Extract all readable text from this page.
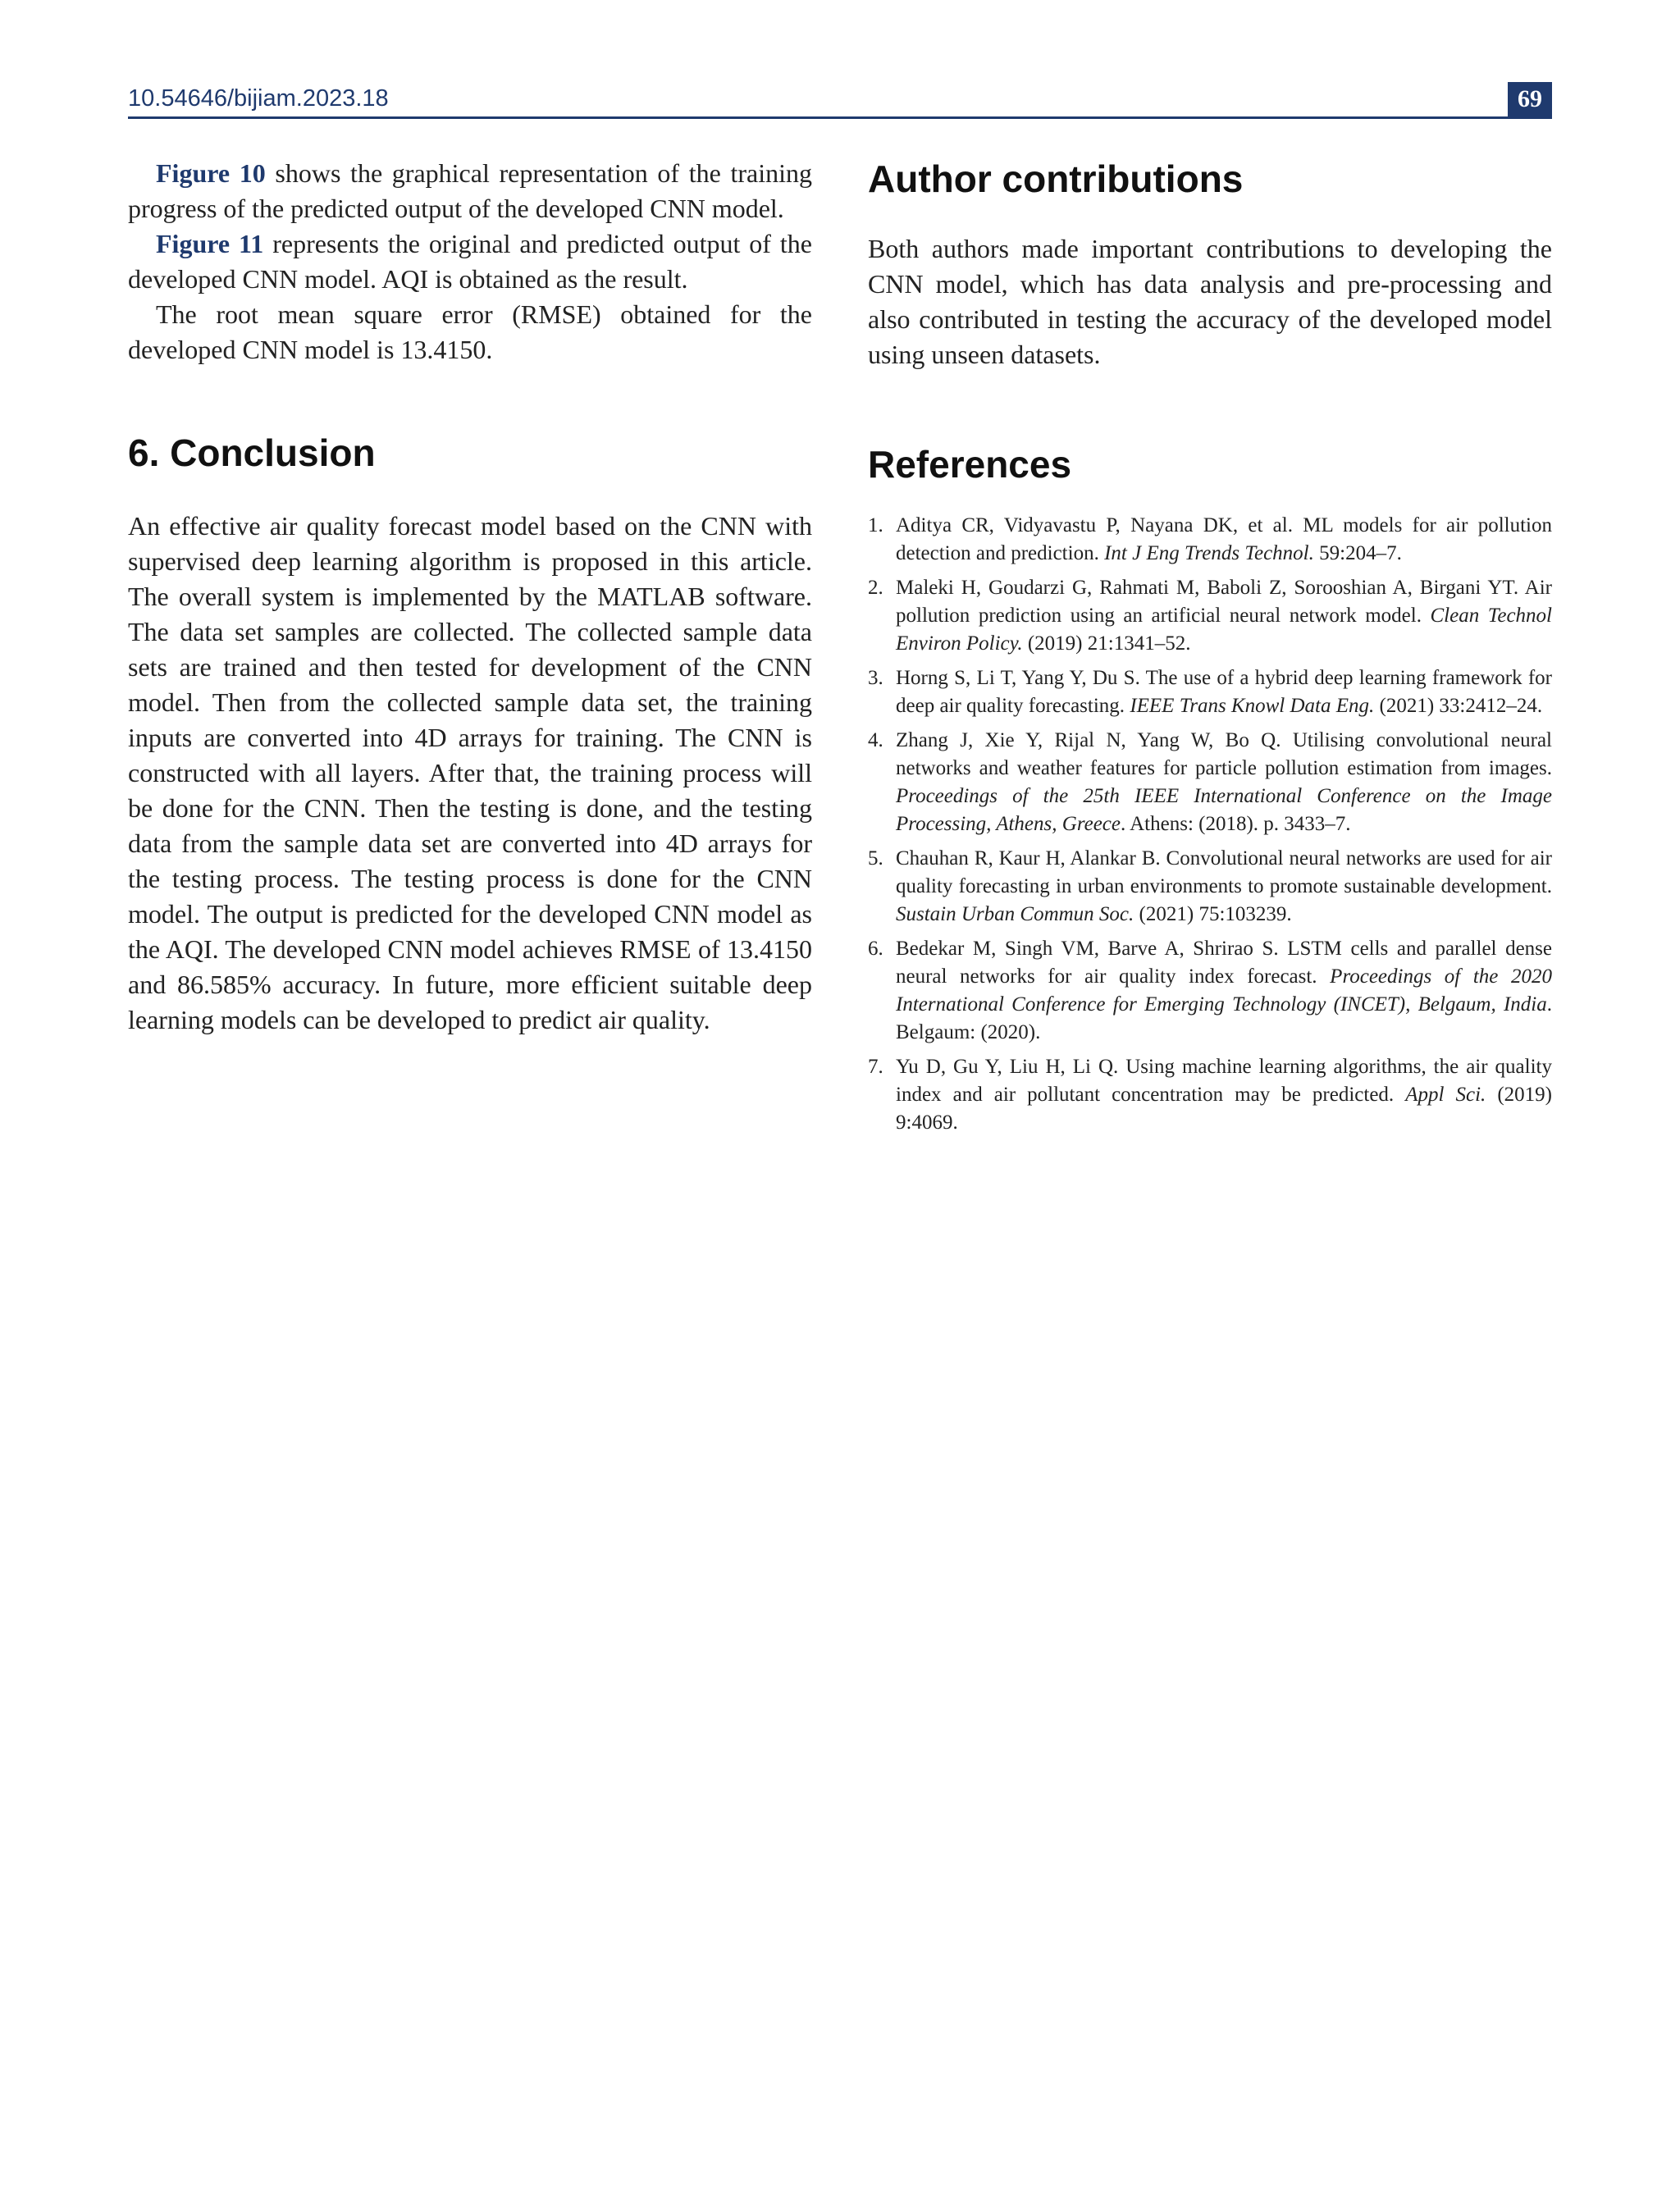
10.54646/bijiam.2023.18	69

Figure 10 shows the graphical representation of the training progress of the predicted output of the developed CNN model.

Figure 11 represents the original and predicted output of the developed CNN model. AQI is obtained as the result.

The root mean square error (RMSE) obtained for the developed CNN model is 13.4150.

6. Conclusion

An effective air quality forecast model based on the CNN with supervised deep learning algorithm is proposed in this article. The overall system is implemented by the MATLAB software. The data set samples are collected. The collected sample data sets are trained and then tested for development of the CNN model. Then from the collected sample data set, the training inputs are converted into 4D arrays for training. The CNN is constructed with all layers. After that, the training process will be done for the CNN. Then the testing is done, and the testing data from the sample data set are converted into 4D arrays for the testing process. The testing process is done for the CNN model. The output is predicted for the developed CNN model as the AQI. The developed CNN model achieves RMSE of 13.4150 and 86.585% accuracy. In future, more efficient suitable deep learning models can be developed to predict air quality.

Author contributions

Both authors made important contributions to developing the CNN model, which has data analysis and pre-processing and also contributed in testing the accuracy of the developed model using unseen datasets.

References
1. Aditya CR, Vidyavastu P, Nayana DK, et al. ML models for air pollution detection and prediction. Int J Eng Trends Technol. 59:204–7.
2. Maleki H, Goudarzi G, Rahmati M, Baboli Z, Sorooshian A, Birgani YT. Air pollution prediction using an artificial neural network model. Clean Technol Environ Policy. (2019) 21:1341–52.
3. Horng S, Li T, Yang Y, Du S. The use of a hybrid deep learning framework for deep air quality forecasting. IEEE Trans Knowl Data Eng. (2021) 33:2412–24.
4. Zhang J, Xie Y, Rijal N, Yang W, Bo Q. Utilising convolutional neural networks and weather features for particle pollution estimation from images. Proceedings of the 25th IEEE International Conference on the Image Processing, Athens, Greece. Athens: (2018). p. 3433–7.
5. Chauhan R, Kaur H, Alankar B. Convolutional neural networks are used for air quality forecasting in urban environments to promote sustainable development. Sustain Urban Commun Soc. (2021) 75:103239.
6. Bedekar M, Singh VM, Barve A, Shrirao S. LSTM cells and parallel dense neural networks for air quality index forecast. Proceedings of the 2020 International Conference for Emerging Technology (INCET), Belgaum, India. Belgaum: (2020).
7. Yu D, Gu Y, Liu H, Li Q. Using machine learning algorithms, the air quality index and air pollutant concentration may be predicted. Appl Sci. (2019) 9:4069.
